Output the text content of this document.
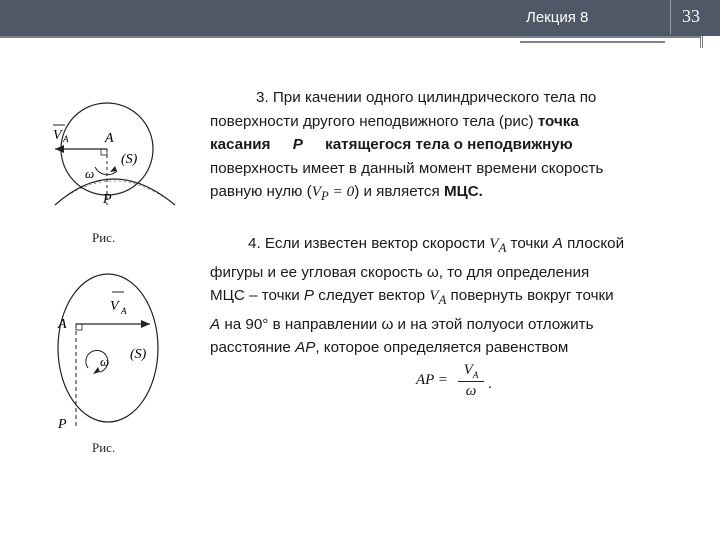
Лекция 8	33
V A	A
(S)
ω
P
Рис.
V A
A
(S)
ω
P
Рис.
3. При качении одного цилиндрического тела по
поверхности другого неподвижного тела (рис) точка
касания P катящегося тела о неподвижную
поверхность имеет в данный момент времени скорость
равную нулю $(V_P = 0)$ и является МЦС.
4. Если известен вектор скорости $V_A$ точки A плоской
фигуры и ее угловая скорость ω, то для определения
МЦС – точки P следует вектор $V_A$ повернуть вокруг точки
A на 90° в направлении ω и на этой полуоси отложить
расстояние AP, которое определяется равенством
AP =
$V_A$
ω .
